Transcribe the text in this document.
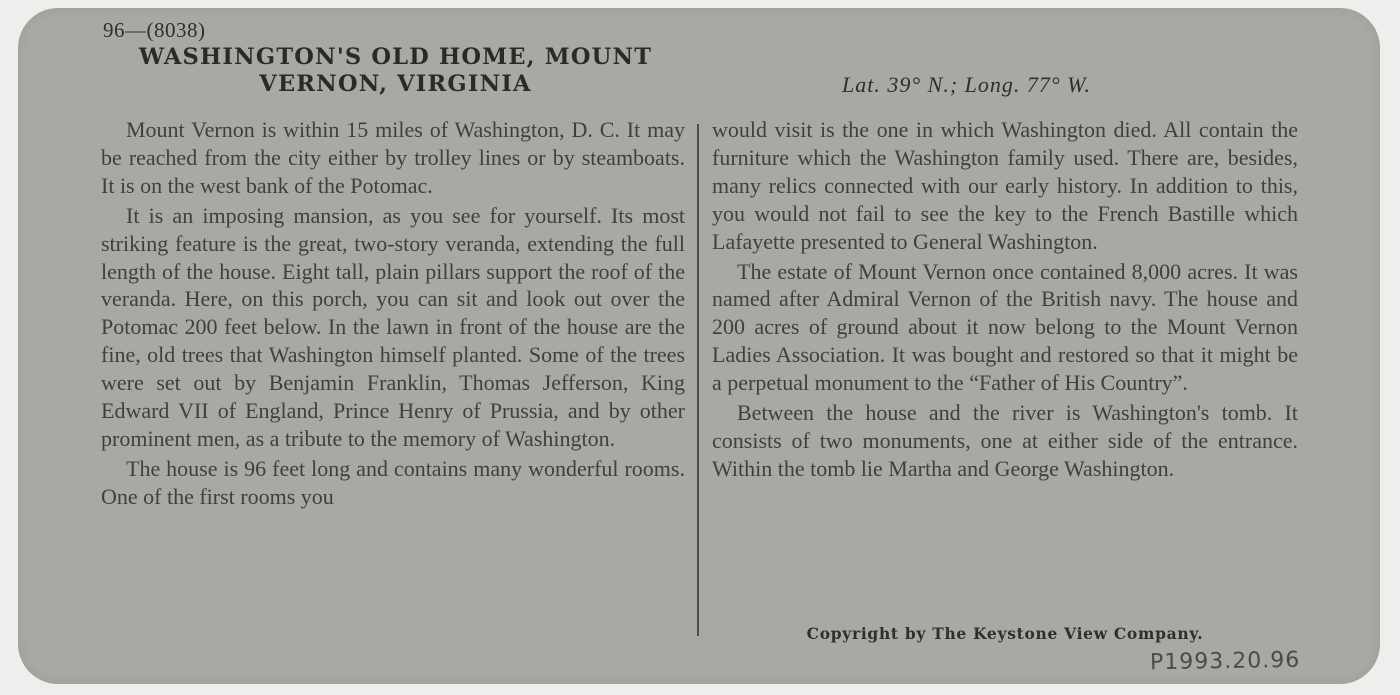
96—(8038)
WASHINGTON'S OLD HOME, MOUNT
VERNON, VIRGINIA	Lat. 39° N.; Long. 77° W.

Mount Vernon is within 15 miles of Washington, D. C. It may be reached from the city either by trolley lines or by steamboats. It is on the west bank of the Potomac.

It is an imposing mansion, as you see for yourself. Its most striking feature is the great, two-story veranda, extending the full length of the house. Eight tall, plain pillars support the roof of the veranda. Here, on this porch, you can sit and look out over the Potomac 200 feet below. In the lawn in front of the house are the fine, old trees that Washington himself planted. Some of the trees were set out by Benjamin Franklin, Thomas Jefferson, King Edward VII of England, Prince Henry of Prussia, and by other prominent men, as a tribute to the memory of Washington.

The house is 96 feet long and contains many wonderful rooms. One of the first rooms you

would visit is the one in which Washington died. All contain the furniture which the Washington family used. There are, besides, many relics connected with our early history. In addition to this, you would not fail to see the key to the French Bastille which Lafayette presented to General Washington.

The estate of Mount Vernon once contained 8,000 acres. It was named after Admiral Vernon of the British navy. The house and 200 acres of ground about it now belong to the Mount Vernon Ladies Association. It was bought and restored so that it might be a perpetual monument to the “Father of His Country”.

Between the house and the river is Washington's tomb. It consists of two monuments, one at either side of the entrance. Within the tomb lie Martha and George Washington.

Copyright by The Keystone View Company.
P1993.20.96
